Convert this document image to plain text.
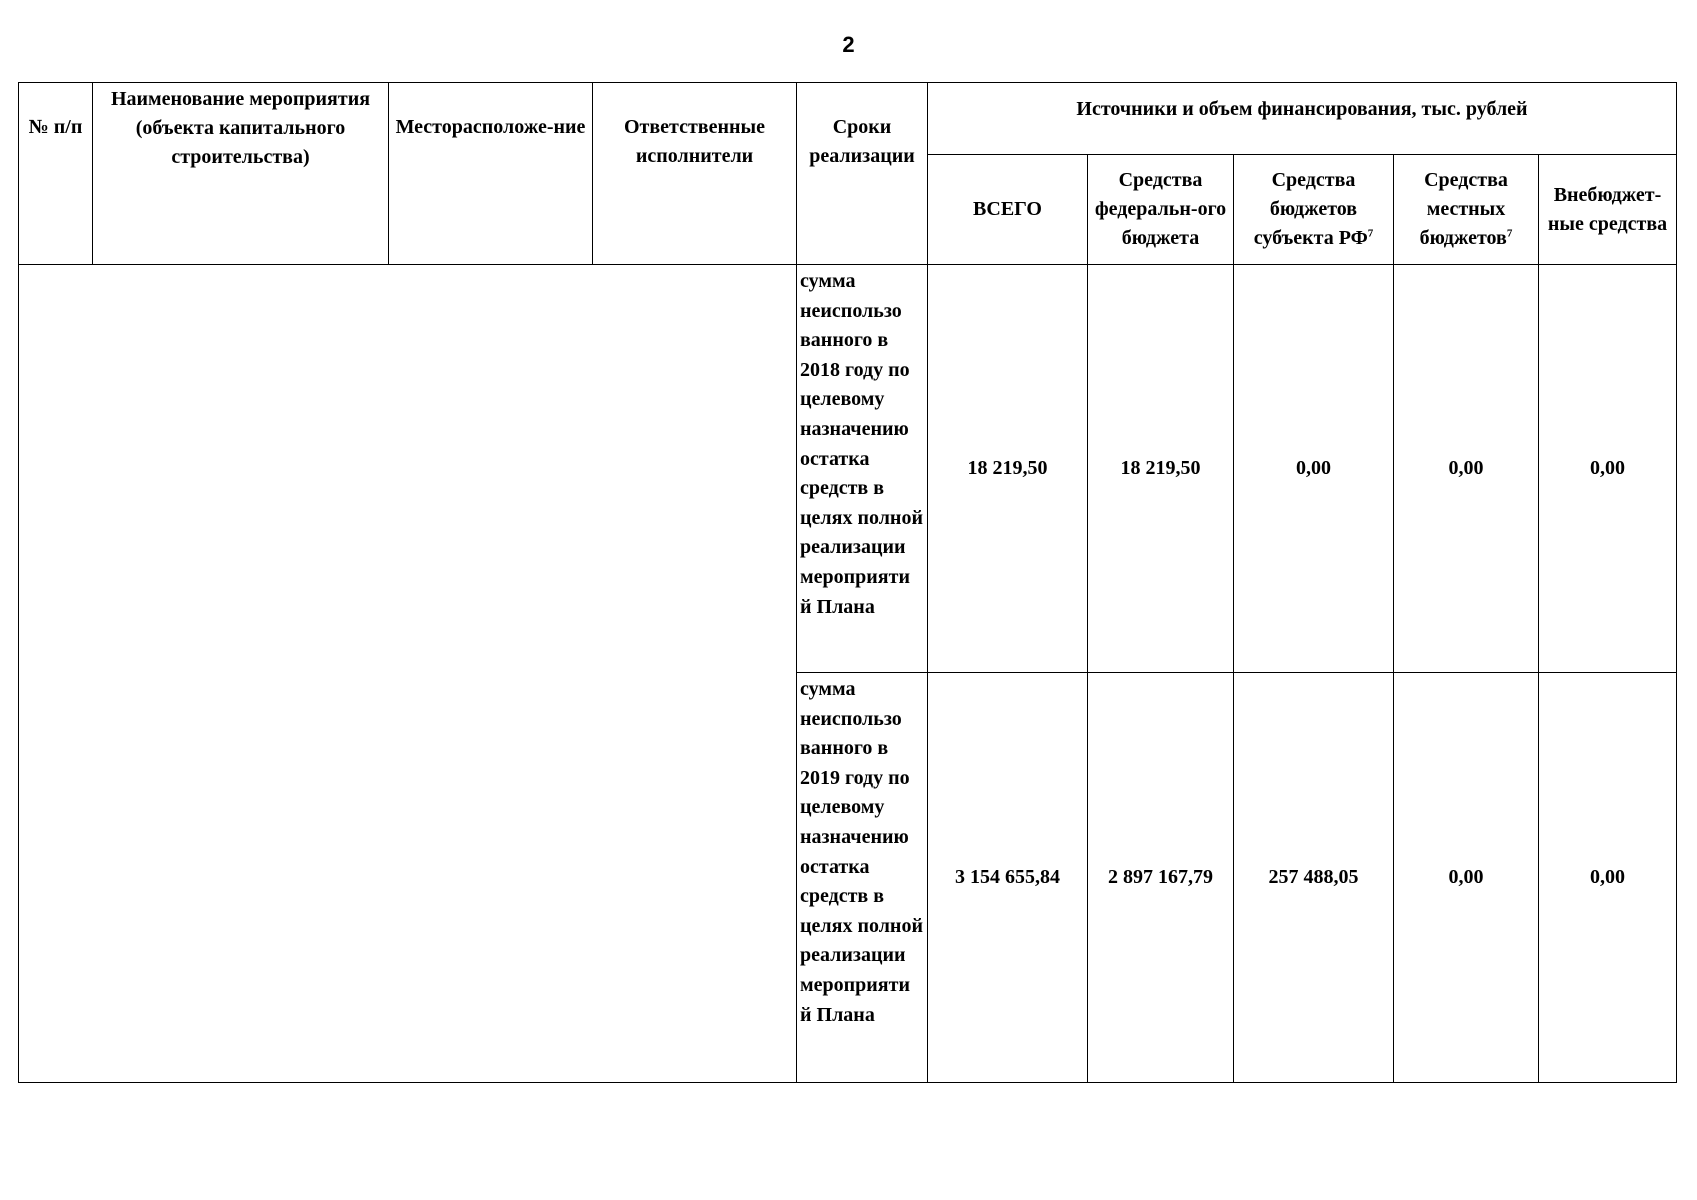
2
№ п/п	Наименование мероприятия (объекта капитального строительства)	Месторасположе-ние	Ответственные исполнители	Сроки реализации	Источники и объем финансирования, тыс. рублей				
					ВСЕГО	Средства федеральн-ого бюджета	Средства бюджетов субъекта $РФ^7$	Средства местных бюджетов$^7$	Внебюджет-ные средства
				сумма неиспользо ванного в 2018 году по целевому назначению остатка средств в целях полной реализации мероприяти й Плана	18 219,50	18 219,50	0,00	0,00	0,00
				сумма неиспользо ванного в 2019 году по целевому назначению остатка средств в целях полной реализации мероприяти й Плана	3 154 655,84	2 897 167,79	257 488,05	0,00	0,00
